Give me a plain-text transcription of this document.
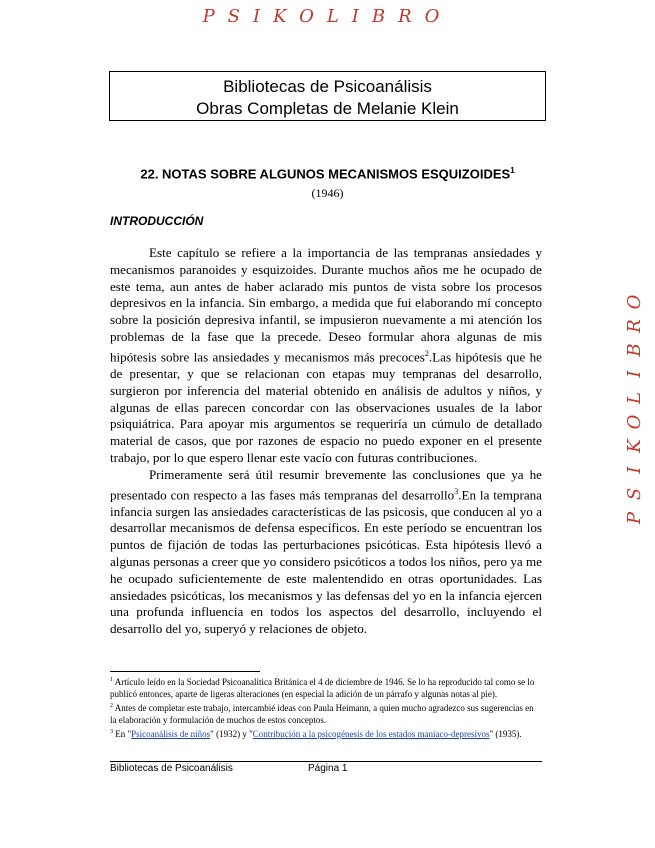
PSIKOLIBRO
O
R
B
I
L
O
K
I
S
P
Bibliotecas de Psicoanálisis
Obras Completas de Melanie Klein
22. NOTAS SOBRE ALGUNOS MECANISMOS ESQUIZOIDES$^1$
(1946)
INTRODUCCIÓN

Este capítulo se refiere a la importancia de las tempranas ansiedades y mecanismos paranoides y esquizoides. Durante muchos años me he ocupado de este tema, aun antes de haber aclarado mis puntos de vista sobre los procesos depresivos en la infancia. Sin embargo, a medida que fui elaborando mí concepto sobre la posición depresiva infantil, se impusieron nuevamente a mi atención los problemas de la fase que la precede. Deseo formular ahora algunas de mis hipótesis sobre las ansiedades y mecanismos más precoces$^2$.Las hipótesis que he de presentar, y que se relacionan con etapas muy tempranas del desarrollo, surgieron por inferencia del material obtenido en análisis de adultos y niños, y algunas de ellas parecen concordar con las observaciones usuales de la labor psiquiátrica. Para apoyar mis argumentos se requeriría un cúmulo de detallado material de casos, que por razones de espacio no puedo exponer en el presente trabajo, por lo que espero llenar este vacío con futuras contribuciones.

Primeramente será útil resumir brevemente las conclusiones que ya he presentado con respecto a las fases más tempranas del desarrollo$^3$.En la temprana infancia surgen las ansiedades características de las psicosis, que conducen al yo a desarrollar mecanismos de defensa específicos. En este período se encuentran los puntos de fijación de todas las perturbaciones psicóticas. Esta hipótesis llevó a algunas personas a creer que yo considero psicóticos a todos los niños, pero ya me he ocupado suficientemente de este malentendido en otras oportunidades. Las ansiedades psicóticas, los mecanismos y las defensas del yo en la infancia ejercen una profunda influencia en todos los aspectos del desarrollo, incluyendo el desarrollo del yo, superyó y relaciones de objeto.

$^1$ Artículo leído en la Sociedad Psicoanalítica Británica el 4 de diciembre de 1946. Se lo ha reproducido tal como se lo publicó entonces, aparte de ligeras alteraciones (en especial la adición de un párrafo y algunas notas al pie).

$^2$ Antes de completar este trabajo, intercambié ideas con Paula Heimann, a quien mucho agradezco sus sugerencias en la elaboración y formulación de muchos de estos conceptos.

$^3$ En "Psicoanálisis de niños" (1932) y "Contribución a la psicogénesis de los estados maníaco-depresivos" (1935).

Bibliotecas de Psicoanálisis	Página 1
